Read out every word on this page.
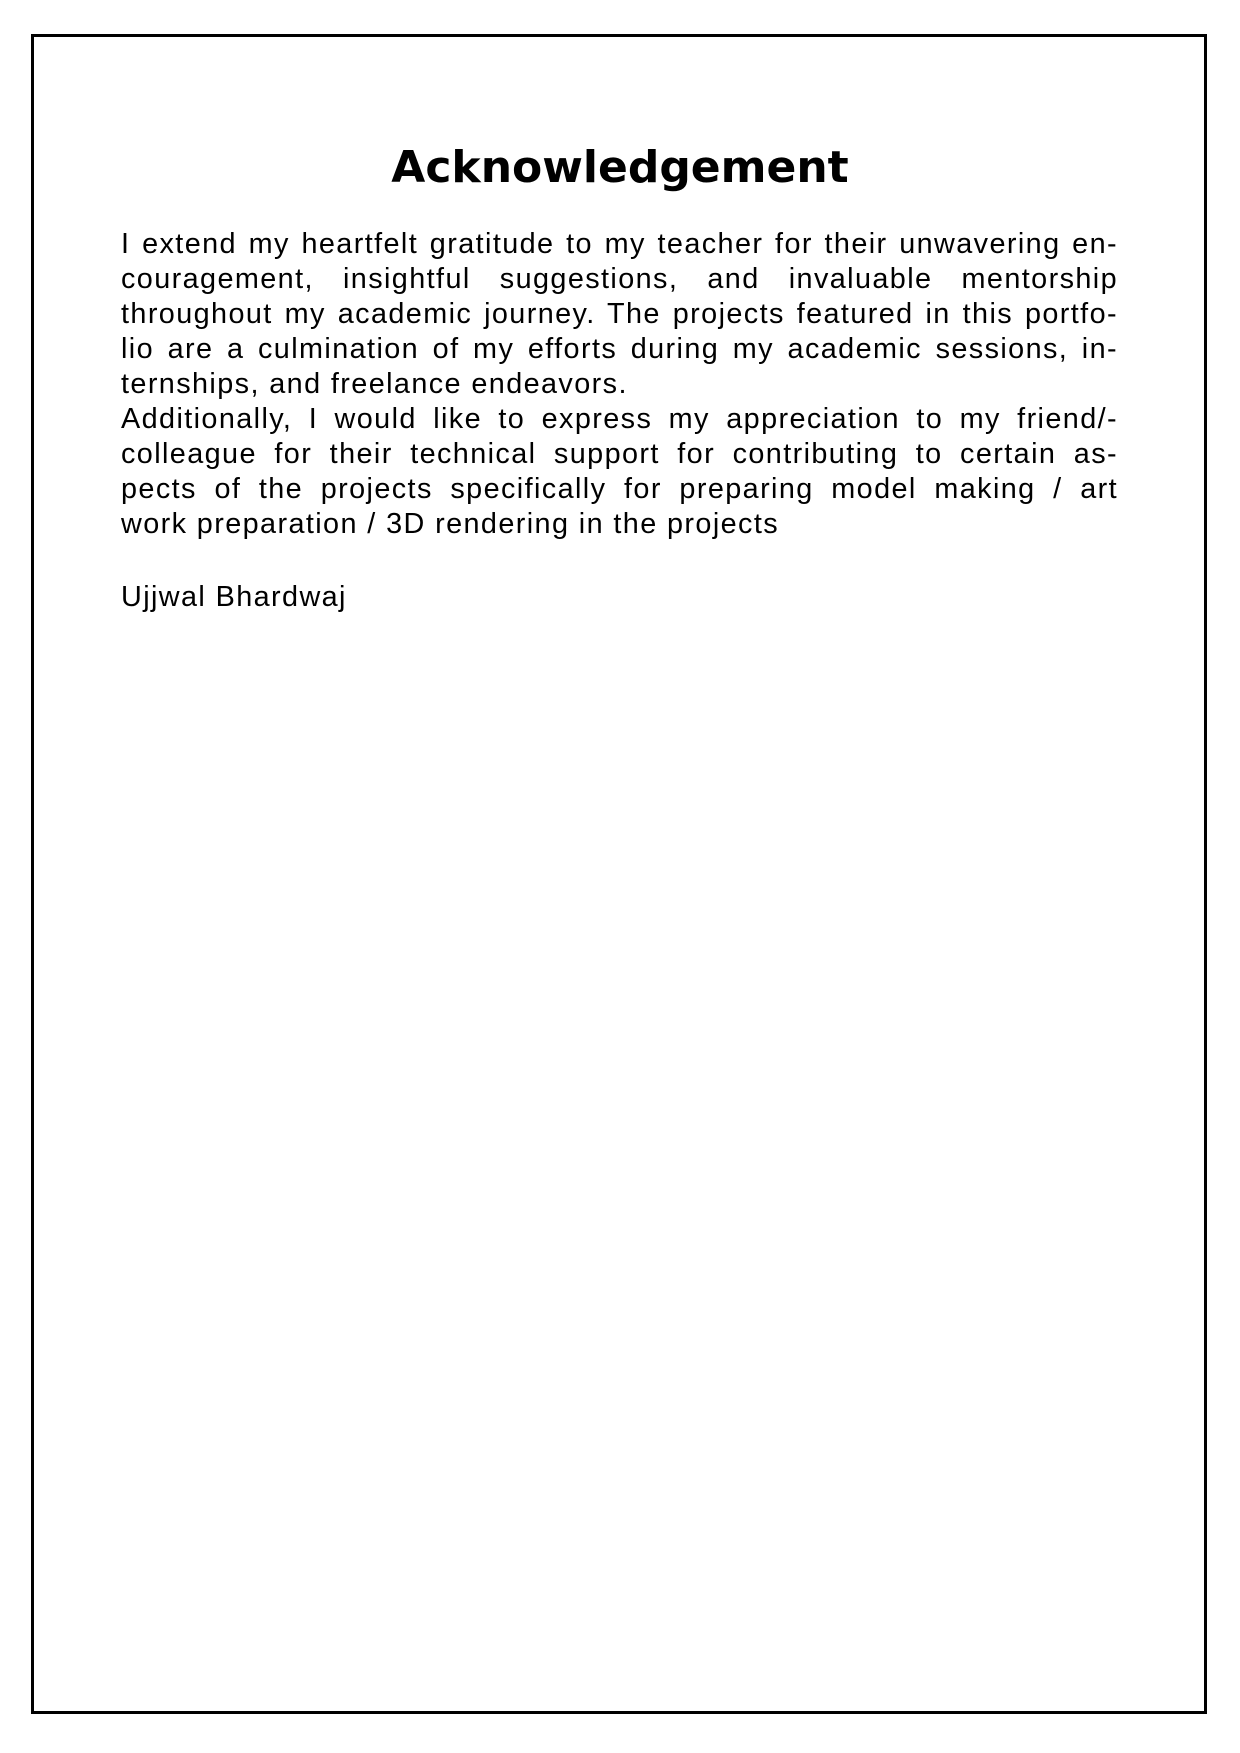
Acknowledgement
I extend my heartfelt gratitude to my teacher for their unwavering en-
couragement, insightful suggestions, and invaluable mentorship
throughout my academic journey. The projects featured in this portfo-
lio are a culmination of my efforts during my academic sessions, in-
ternships, and freelance endeavors.
Additionally, I would like to express my appreciation to my friend/-
colleague for their technical support for contributing to certain as-
pects of the projects specifically for preparing model making / art
work preparation / 3D rendering in the projects
Ujjwal Bhardwaj
